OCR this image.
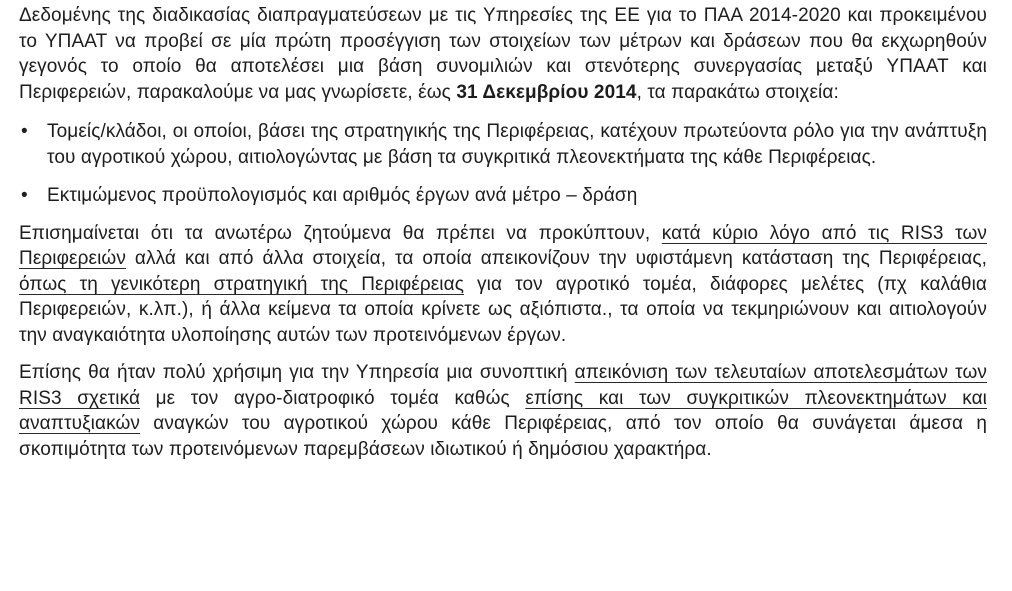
Δεδομένης της διαδικασίας διαπραγματεύσεων με τις Υπηρεσίες της ΕΕ για το ΠΑΑ 2014-2020 και προκειμένου το ΥΠΑΑΤ να προβεί σε μία πρώτη προσέγγιση των στοιχείων των μέτρων και δράσεων που θα εκχωρηθούν γεγονός το οποίο θα αποτελέσει μια βάση συνομιλιών και στενότερης συνεργασίας μεταξύ ΥΠΑΑΤ και Περιφερειών, παρακαλούμε να μας γνωρίσετε, έως 31 Δεκεμβρίου 2014, τα παρακάτω στοιχεία:

• Τομείς/κλάδοι, οι οποίοι, βάσει της στρατηγικής της Περιφέρειας, κατέχουν πρωτεύοντα ρόλο για την ανάπτυξη του αγροτικού χώρου, αιτιολογώντας με βάση τα συγκριτικά πλεονεκτήματα της κάθε Περιφέρειας.
• Εκτιμώμενος προϋπολογισμός και αριθμός έργων ανά μέτρο – δράση

Επισημαίνεται ότι τα ανωτέρω ζητούμενα θα πρέπει να προκύπτουν, κατά κύριο λόγο από τις RIS3 των Περιφερειών αλλά και από άλλα στοιχεία, τα οποία απεικονίζουν την υφιστάμενη κατάσταση της Περιφέρειας, όπως τη γενικότερη στρατηγική της Περιφέρειας για τον αγροτικό τομέα, διάφορες μελέτες (πχ καλάθια Περιφερειών, κ.λπ.), ή άλλα κείμενα τα οποία κρίνετε ως αξιόπιστα., τα οποία να τεκμηριώνουν και αιτιολογούν την αναγκαιότητα υλοποίησης αυτών των προτεινόμενων έργων.

Επίσης θα ήταν πολύ χρήσιμη για την Υπηρεσία μια συνοπτική απεικόνιση των τελευταίων αποτελεσμάτων των RIS3 σχετικά με τον αγρο-διατροφικό τομέα καθώς επίσης και των συγκριτικών πλεονεκτημάτων και αναπτυξιακών αναγκών του αγροτικού χώρου κάθε Περιφέρειας, από τον οποίο θα συνάγεται άμεσα η σκοπιμότητα των προτεινόμενων παρεμβάσεων ιδιωτικού ή δημόσιου χαρακτήρα.
